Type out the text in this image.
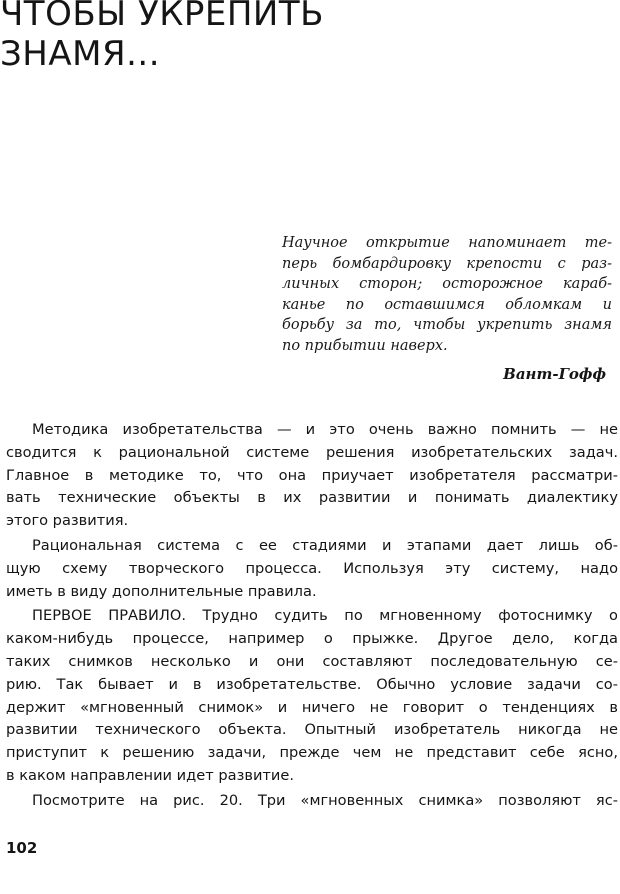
ЧТОБЫ УКРЕПИТЬ
ЗНАМЯ...
Научное открытие напоминает те-
перь бомбардировку крепости с раз-
личных сторон; осторожное караб-
канье по оставшимся обломкам и
борьбу за то, чтобы укрепить знамя
по прибытии наверх.
Вант-Гофф
Методика изобретательства — и это очень важно помнить — не
сводится к рациональной системе решения изобретательских задач.
Главное в методике то, что она приучает изобретателя рассматри-
вать технические объекты в их развитии и понимать диалектику
этого развития.
Рациональная система с ее стадиями и этапами дает лишь об-
щую схему творческого процесса. Используя эту систему, надо
иметь в виду дополнительные правила.
ПЕРВОЕ ПРАВИЛО. Трудно судить по мгновенному фотоснимку о
каком-нибудь процессе, например о прыжке. Другое дело, когда
таких снимков несколько и они составляют последовательную се-
рию. Так бывает и в изобретательстве. Обычно условие задачи со-
держит «мгновенный снимок» и ничего не говорит о тенденциях в
развитии технического объекта. Опытный изобретатель никогда не
приступит к решению задачи, прежде чем не представит себе ясно,
в каком направлении идет развитие.
Посмотрите на рис. 20. Три «мгновенных снимка» позволяют яс-
102
